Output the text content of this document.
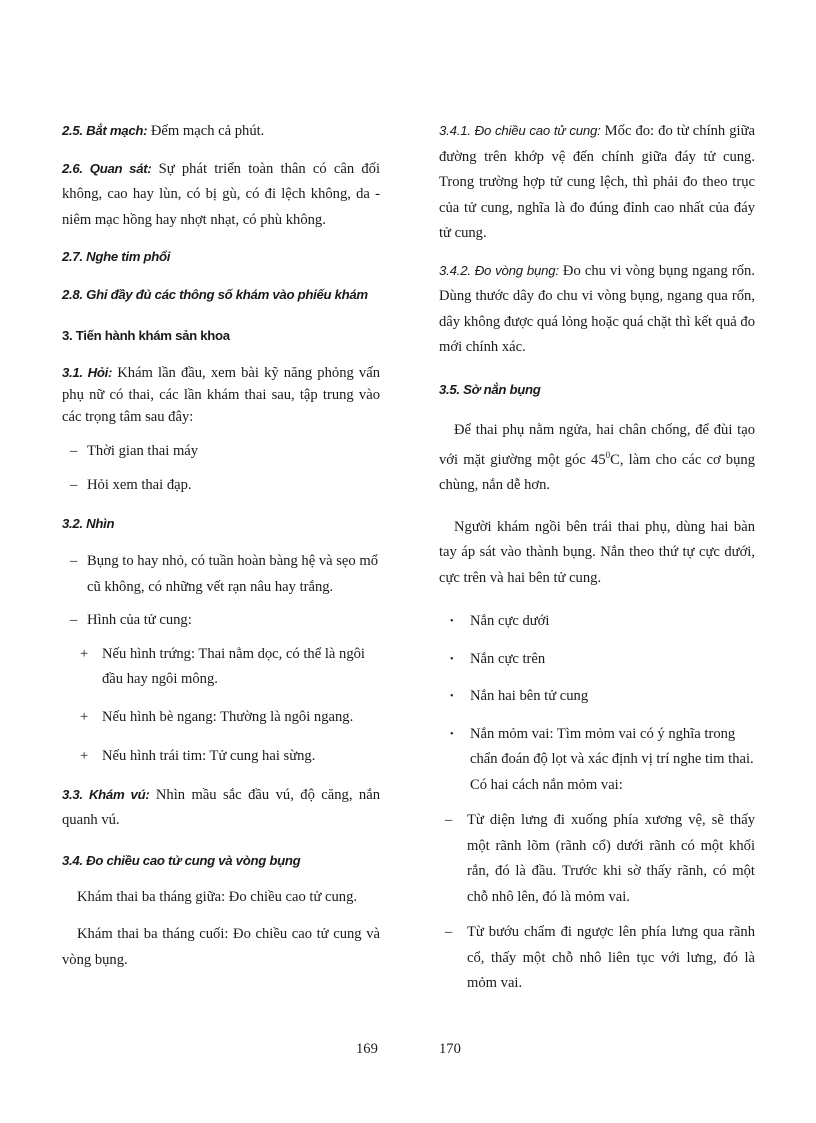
2.5. Bắt mạch: Đếm mạch cả phút.

2.6. Quan sát: Sự phát triển toàn thân có cân đối không, cao hay lùn, có bị gù, có đi lệch không, da - niêm mạc hồng hay nhợt nhạt, có phù không.

2.7. Nghe tim phổi

2.8. Ghi đầy đủ các thông số khám vào phiếu khám

3. Tiến hành khám sản khoa

3.1. Hỏi: Khám lần đầu, xem bài kỹ năng phỏng vấn phụ nữ có thai, các lần khám thai sau, tập trung vào các trọng tâm sau đây:

– Thời gian thai máy
– Hỏi xem thai đạp.

3.2. Nhìn

– Bụng to hay nhỏ, có tuần hoàn bàng hệ và sẹo mổ cũ không, có những vết rạn nâu hay trắng.
– Hình của tử cung:
+ Nếu hình trứng: Thai nằm dọc, có thể là ngôi đầu hay ngôi mông.
+ Nếu hình bè ngang: Thường là ngôi ngang.
+ Nếu hình trái tim: Tử cung hai sừng.

3.3. Khám vú: Nhìn mầu sắc đầu vú, độ căng, nắn quanh vú.

3.4. Đo chiều cao tử cung và vòng bụng

Khám thai ba tháng giữa: Đo chiều cao tử cung.

Khám thai ba tháng cuối: Đo chiều cao tử cung và vòng bụng.

3.4.1. Đo chiều cao tử cung: Mốc đo: đo từ chính giữa đường trên khớp vệ đến chính giữa đáy tử cung. Trong trường hợp tử cung lệch, thì phải đo theo trục của tử cung, nghĩa là đo đúng đỉnh cao nhất của đáy tử cung.

3.4.2. Đo vòng bụng: Đo chu vi vòng bụng ngang rốn. Dùng thước dây đo chu vi vòng bụng, ngang qua rốn, dây không được quá lỏng hoặc quá chặt thì kết quả đo mới chính xác.

3.5. Sờ nắn bụng

Để thai phụ nằm ngửa, hai chân chống, để đùi tạo với mặt giường một góc $45^0C$, làm cho các cơ bụng chùng, nắn dễ hơn.

Người khám ngồi bên trái thai phụ, dùng hai bàn tay áp sát vào thành bụng. Nắn theo thứ tự cực dưới, cực trên và hai bên tử cung.

• Nắn cực dưới
• Nắn cực trên
• Nắn hai bên tử cung
• Nắn mỏm vai: Tìm mỏm vai có ý nghĩa trong chẩn đoán độ lọt và xác định vị trí nghe tim thai. Có hai cách nắn mỏm vai:
– Từ diện lưng đi xuống phía xương vệ, sẽ thấy một rãnh lõm (rãnh cổ) dưới rãnh có một khối rắn, đó là đầu. Trước khi sờ thấy rãnh, có một chỗ nhô lên, đó là mỏm vai.
– Từ bướu chẩm đi ngược lên phía lưng qua rãnh cổ, thấy một chỗ nhô liên tục với lưng, đó là mỏm vai.
169	170
